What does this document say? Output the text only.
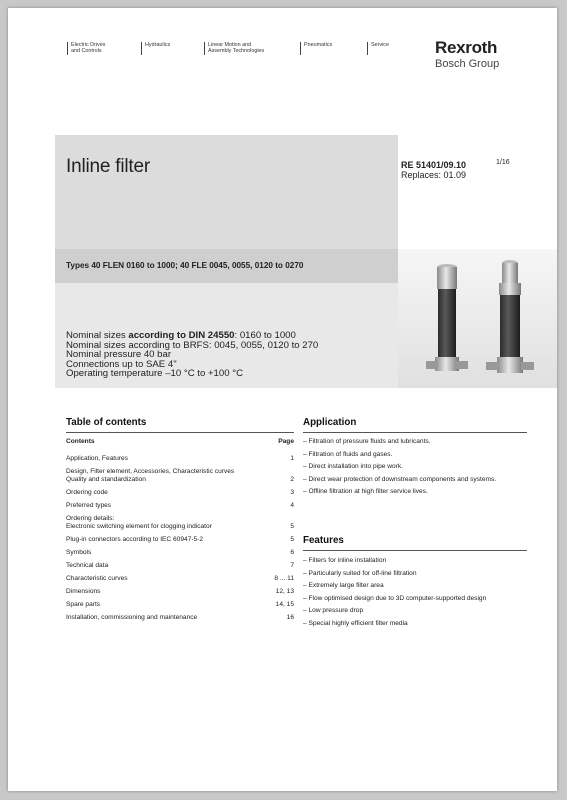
Electric Drives
and Controls
Hydraulics
	Linear Motion and
Assembly Technologies
Pneumatics
	Service
	Rexroth
Bosch Group
Inline filter	RE 51401/09.10
Replaces: 01.09
1/16
Types 40 FLEN 0160 to 1000; 40 FLE 0045, 0055, 0120 to 0270
Nominal sizes according to DIN 24550: 0160 to 1000
Nominal sizes according to BRFS: 0045, 0055, 0120 to 270
Nominal pressure 40 bar
Connections up to SAE 4"
Operating temperature –10 °C to +100 °C
Table of contents
Contents	Page
Application, Features	1
Design, Filter element, Accessories, Characteristic curves
Quality and standardization	2
Ordering code	3
Preferred types	4
Ordering details:
Electronic switching element for clogging indicator	5
Plug-in connectors according to IEC 60947-5-2	5
Symbols	6
Technical data	7
Characteristic curves	8 ... 11
Dimensions	12, 13
Spare parts	14, 15
Installation, commissioning and maintenance	16
Application
– Filtration of pressure fluids and lubricants.
– Filtration of fluids and gases.
– Direct installation into pipe work.
– Direct wear protection of downstream components and systems.
– Offline filtration at high filter service lives.
Features
– Filters for inline installation
– Particularly suited for off-line filtration
– Extremely large filter area
– Flow optimised design due to 3D computer-supported design
– Low pressure drop
– Special highly efficient filter media
